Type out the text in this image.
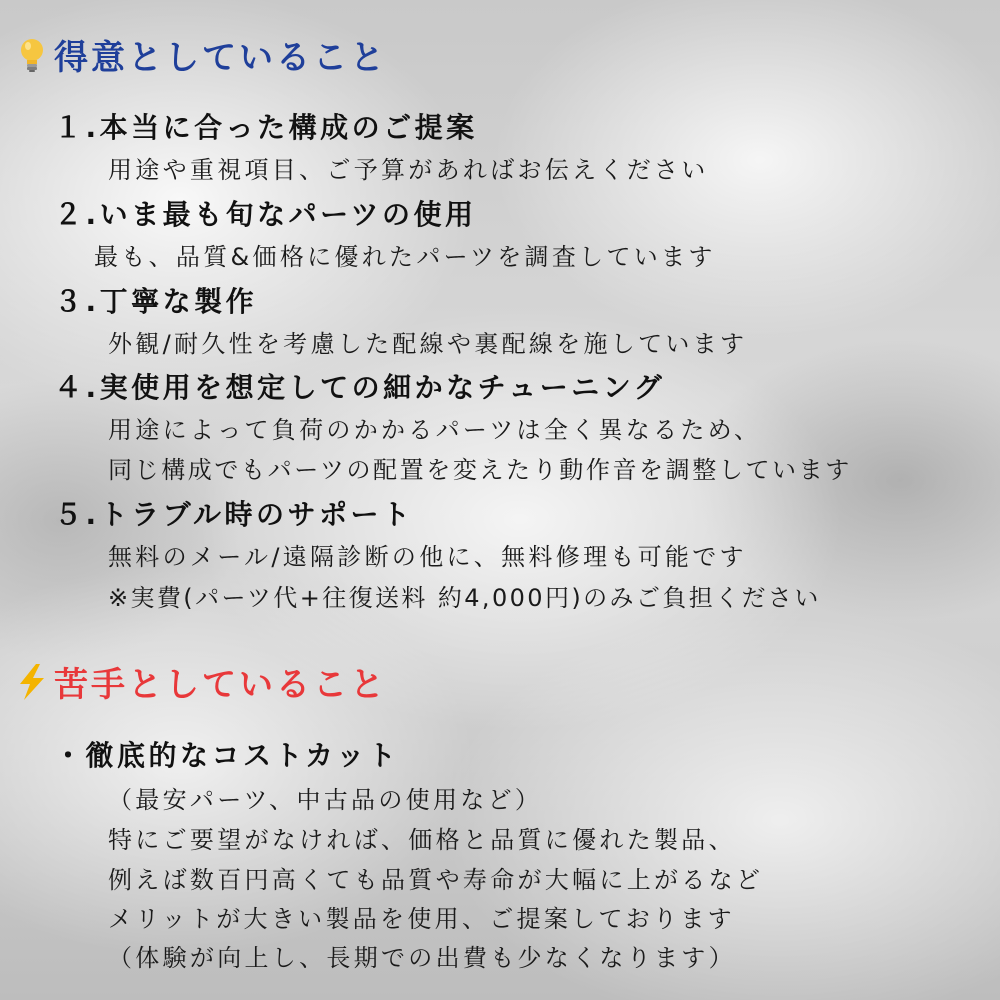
得意としていること
１.本当に合った構成のご提案
用途や重視項目、ご予算があればお伝えください
２.いま最も旬なパーツの使用
最も、品質&価格に優れたパーツを調査しています
３.丁寧な製作
外観/耐久性を考慮した配線や裏配線を施しています
４.実使用を想定しての細かなチューニング
用途によって負荷のかかるパーツは全く異なるため、
同じ構成でもパーツの配置を変えたり動作音を調整しています
５.トラブル時のサポート
無料のメール/遠隔診断の他に、無料修理も可能です
※実費(パーツ代+往復送料 約4,000円)のみご負担ください
苦手としていること
・徹底的なコストカット
（最安パーツ、中古品の使用など）
特にご要望がなければ、価格と品質に優れた製品、
例えば数百円高くても品質や寿命が大幅に上がるなど
メリットが大きい製品を使用、ご提案しております
（体験が向上し、長期での出費も少なくなります）
